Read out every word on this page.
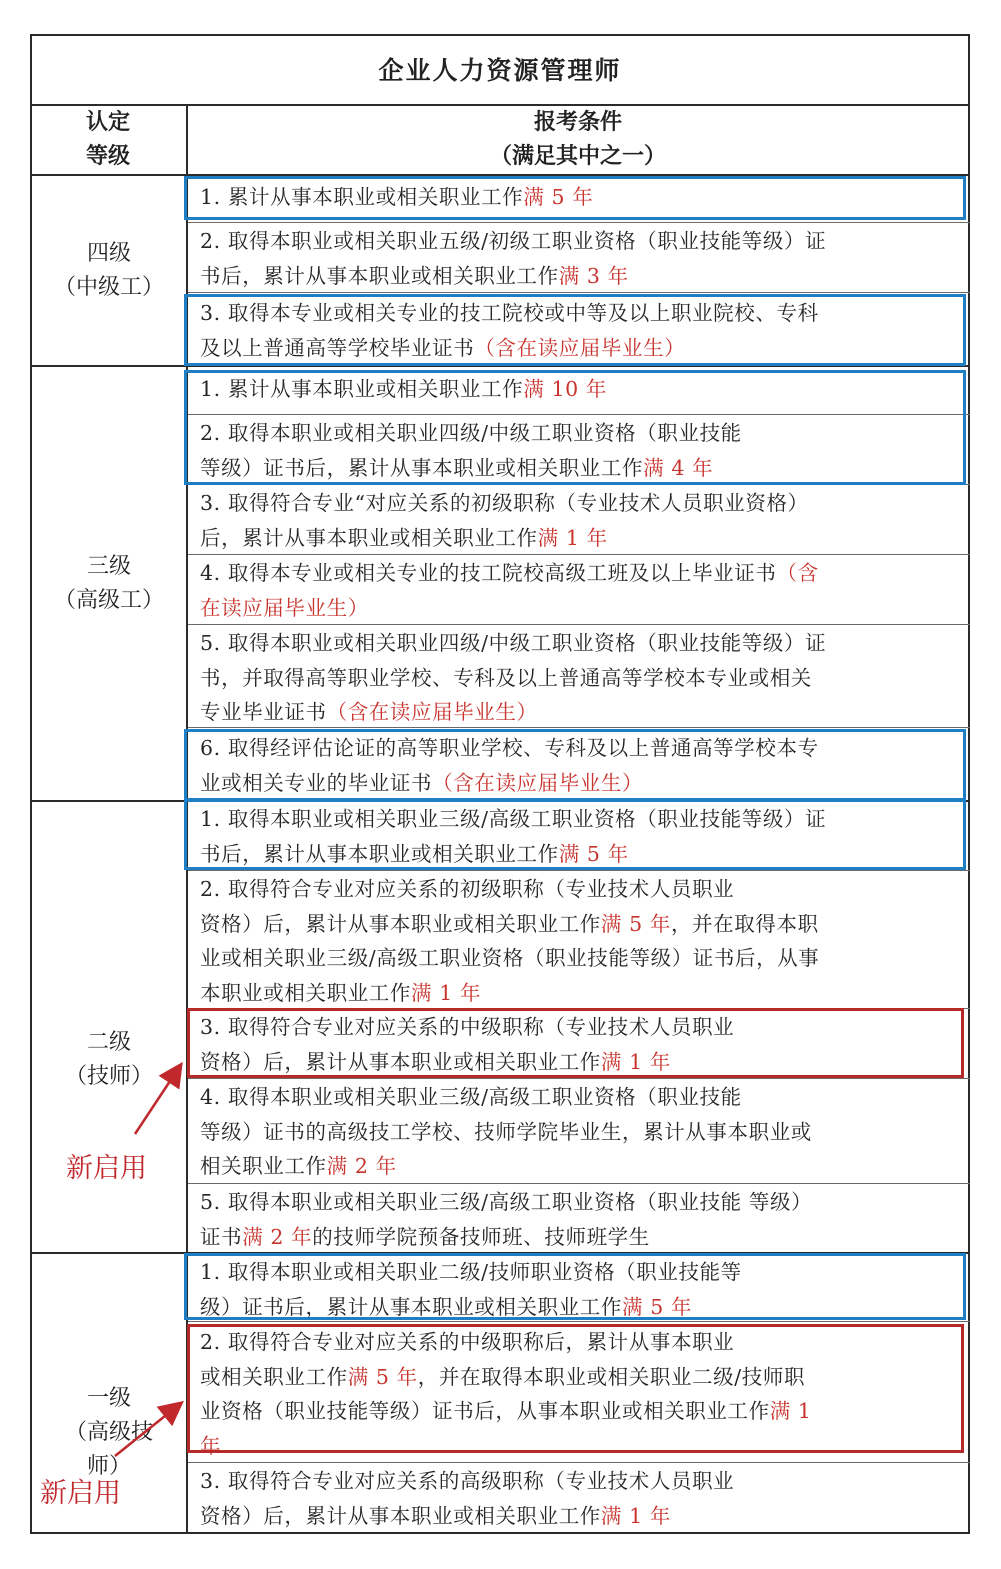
企业人力资源管理师
认定
等级
报考条件
（满足其中之一）
四级
（中级工）
三级
（高级工）
二级
（技师）
一级
（高级技
师）
1. 累计从事本职业或相关职业工作满 5 年
2. 取得本职业或相关职业五级/初级工职业资格（职业技能等级）证
书后，累计从事本职业或相关职业工作满 3 年
3. 取得本专业或相关专业的技工院校或中等及以上职业院校、专科
及以上普通高等学校毕业证书（含在读应届毕业生）
1. 累计从事本职业或相关职业工作满 10 年
2. 取得本职业或相关职业四级/中级工职业资格（职业技能
等级）证书后，累计从事本职业或相关职业工作满 4 年
3. 取得符合专业“对应关系的初级职称（专业技术人员职业资格）
后，累计从事本职业或相关职业工作满 1 年
4. 取得本专业或相关专业的技工院校高级工班及以上毕业证书（含
在读应届毕业生）
5. 取得本职业或相关职业四级/中级工职业资格（职业技能等级）证
书，并取得高等职业学校、专科及以上普通高等学校本专业或相关
专业毕业证书（含在读应届毕业生）
6. 取得经评估论证的高等职业学校、专科及以上普通高等学校本专
业或相关专业的毕业证书（含在读应届毕业生）
1. 取得本职业或相关职业三级/高级工职业资格（职业技能等级）证
书后，累计从事本职业或相关职业工作满 5 年
2. 取得符合专业对应关系的初级职称（专业技术人员职业
资格）后，累计从事本职业或相关职业工作满 5 年，并在取得本职
业或相关职业三级/高级工职业资格（职业技能等级）证书后，从事
本职业或相关职业工作满 1 年
3. 取得符合专业对应关系的中级职称（专业技术人员职业
资格）后，累计从事本职业或相关职业工作满 1 年
4. 取得本职业或相关职业三级/高级工职业资格（职业技能
等级）证书的高级技工学校、技师学院毕业生，累计从事本职业或
相关职业工作满 2 年
5. 取得本职业或相关职业三级/高级工职业资格（职业技能 等级）
证书满 2 年的技师学院预备技师班、技师班学生
1. 取得本职业或相关职业二级/技师职业资格（职业技能等
级）证书后，累计从事本职业或相关职业工作满 5 年
2. 取得符合专业对应关系的中级职称后，累计从事本职业
或相关职业工作满 5 年，并在取得本职业或相关职业二级/技师职
业资格（职业技能等级）证书后，从事本职业或相关职业工作满 1
年
3. 取得符合专业对应关系的高级职称（专业技术人员职业
资格）后，累计从事本职业或相关职业工作满 1 年
新启用
新启用
